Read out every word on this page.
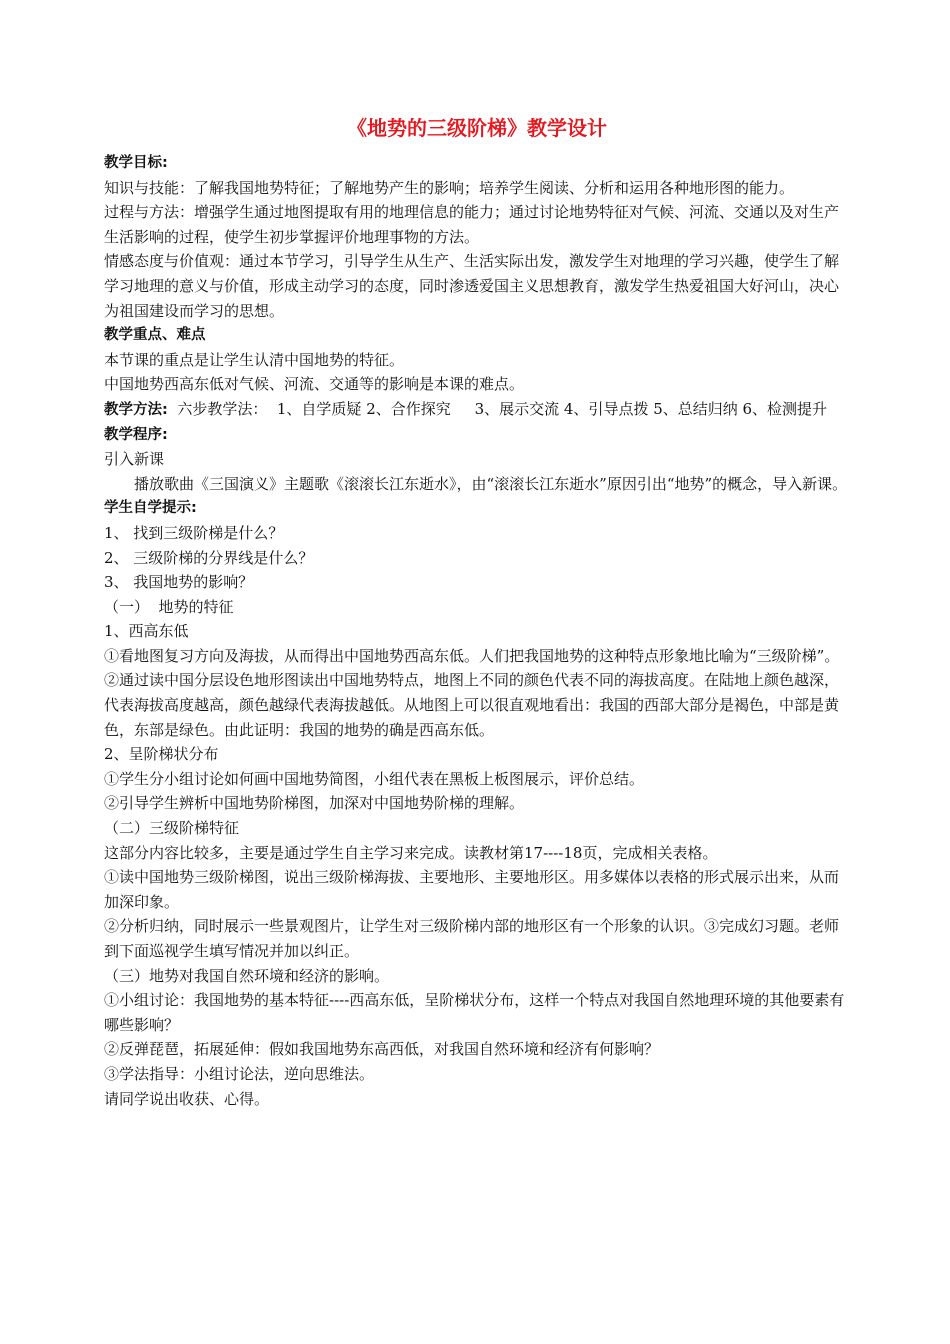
《地势的三级阶梯》教学设计

教学目标:

知识与技能：了解我国地势特征；了解地势产生的影响；培养学生阅读、分析和运用各种地形图的能力。

过程与方法：增强学生通过地图提取有用的地理信息的能力；通过讨论地势特征对气候、河流、交通以及对生产生活影响的过程，使学生初步掌握评价地理事物的方法。

情感态度与价值观：通过本节学习，引导学生从生产、生活实际出发，激发学生对地理的学习兴趣，使学生了解学习地理的意义与价值，形成主动学习的态度，同时渗透爱国主义思想教育，激发学生热爱祖国大好河山，决心为祖国建设而学习的思想。

教学重点、难点

本节课的重点是让学生认清中国地势的特征。

中国地势西高东低对气候、河流、交通等的影响是本课的难点。

教学方法:  六步教学法：  1、自学质疑 2、合作探究     3、展示交流 4、引导点拨 5、总结归纳 6、检测提升

教学程序:

引入新课

播放歌曲《三国演义》主题歌《滚滚长江东逝水》，由“滚滚长江东逝水”原因引出“地势”的概念，导入新课。

学生自学提示:

1、 找到三级阶梯是什么？

2、 三级阶梯的分界线是什么？

3、 我国地势的影响？

（一）  地势的特征

1、西高东低

①看地图复习方向及海拔，从而得出中国地势西高东低。人们把我国地势的这种特点形象地比喻为“三级阶梯”。

②通过读中国分层设色地形图读出中国地势特点，地图上不同的颜色代表不同的海拔高度。在陆地上颜色越深，代表海拔高度越高，颜色越绿代表海拔越低。从地图上可以很直观地看出：我国的西部大部分是褐色，中部是黄色，东部是绿色。由此证明：我国的地势的确是西高东低。

2、呈阶梯状分布

①学生分小组讨论如何画中国地势简图，小组代表在黑板上板图展示，评价总结。

②引导学生辨析中国地势阶梯图，加深对中国地势阶梯的理解。

（二）三级阶梯特征

这部分内容比较多，主要是通过学生自主学习来完成。读教材第17----18页，完成相关表格。

①读中国地势三级阶梯图，说出三级阶梯海拔、主要地形、主要地形区。用多媒体以表格的形式展示出来，从而加深印象。

②分析归纳，同时展示一些景观图片，让学生对三级阶梯内部的地形区有一个形象的认识。③完成幻习题。老师到下面巡视学生填写情况并加以纠正。

（三）地势对我国自然环境和经济的影响。

①小组讨论：我国地势的基本特征----西高东低，呈阶梯状分布，这样一个特点对我国自然地理环境的其他要素有哪些影响？

②反弹琵琶，拓展延伸：假如我国地势东高西低，对我国自然环境和经济有何影响？

③学法指导：小组讨论法，逆向思维法。

请同学说出收获、心得。
